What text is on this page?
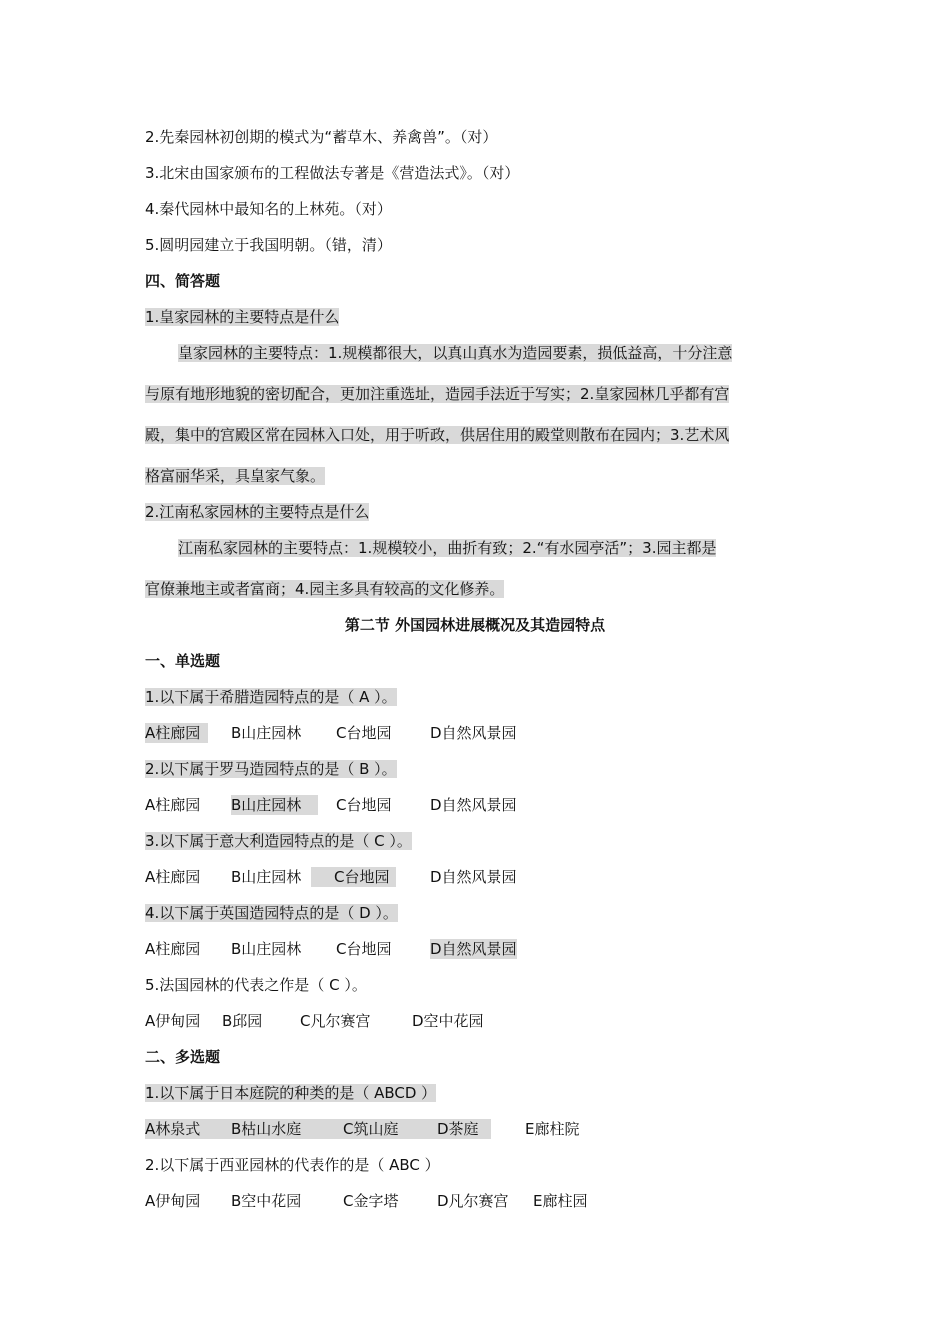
2.先秦园林初创期的模式为“蓄草木、养禽兽”。（对）
3.北宋由国家颁布的工程做法专著是《营造法式》。（对）
4.秦代园林中最知名的上林苑。（对）
5.圆明园建立于我国明朝。（错，清）
四、简答题
1.皇家园林的主要特点是什么
皇家园林的主要特点：1.规模都很大，以真山真水为造园要素，损低益高，十分注意
与原有地形地貌的密切配合，更加注重选址，造园手法近于写实；2.皇家园林几乎都有宫
殿，集中的宫殿区常在园林入口处，用于听政，供居住用的殿堂则散布在园内；3.艺术风
格富丽华采，具皇家气象。
2.江南私家园林的主要特点是什么
江南私家园林的主要特点：1.规模较小，曲折有致；2.“有水园亭活”；3.园主都是
官僚兼地主或者富商；4.园主多具有较高的文化修养。
第二节 外国园林进展概况及其造园特点
一、单选题
1.以下属于希腊造园特点的是（ A ）。
A柱廊园 B山庄园林 C台地园	D自然风景园
2.以下属于罗马造园特点的是（ B ）。
A柱廊园 B山庄园林 C台地园	D自然风景园
3.以下属于意大利造园特点的是（ C ）。
A柱廊园 B山庄园林 C台地园	D自然风景园
4.以下属于英国造园特点的是（ D ）。
A柱廊园 B山庄园林 C台地园	D自然风景园
5.法国园林的代表之作是（ C ）。
A伊甸园 B邱园	C凡尔赛宫	D空中花园
二、多选题
1.以下属于日本庭院的种类的是（ ABCD ）
A林泉式 B枯山水庭	C筑山庭	D茶庭	E廊柱院
2.以下属于西亚园林的代表作的是（ ABC ）
A伊甸园 B空中花园	C金字塔	D凡尔赛宫 E廊柱园
